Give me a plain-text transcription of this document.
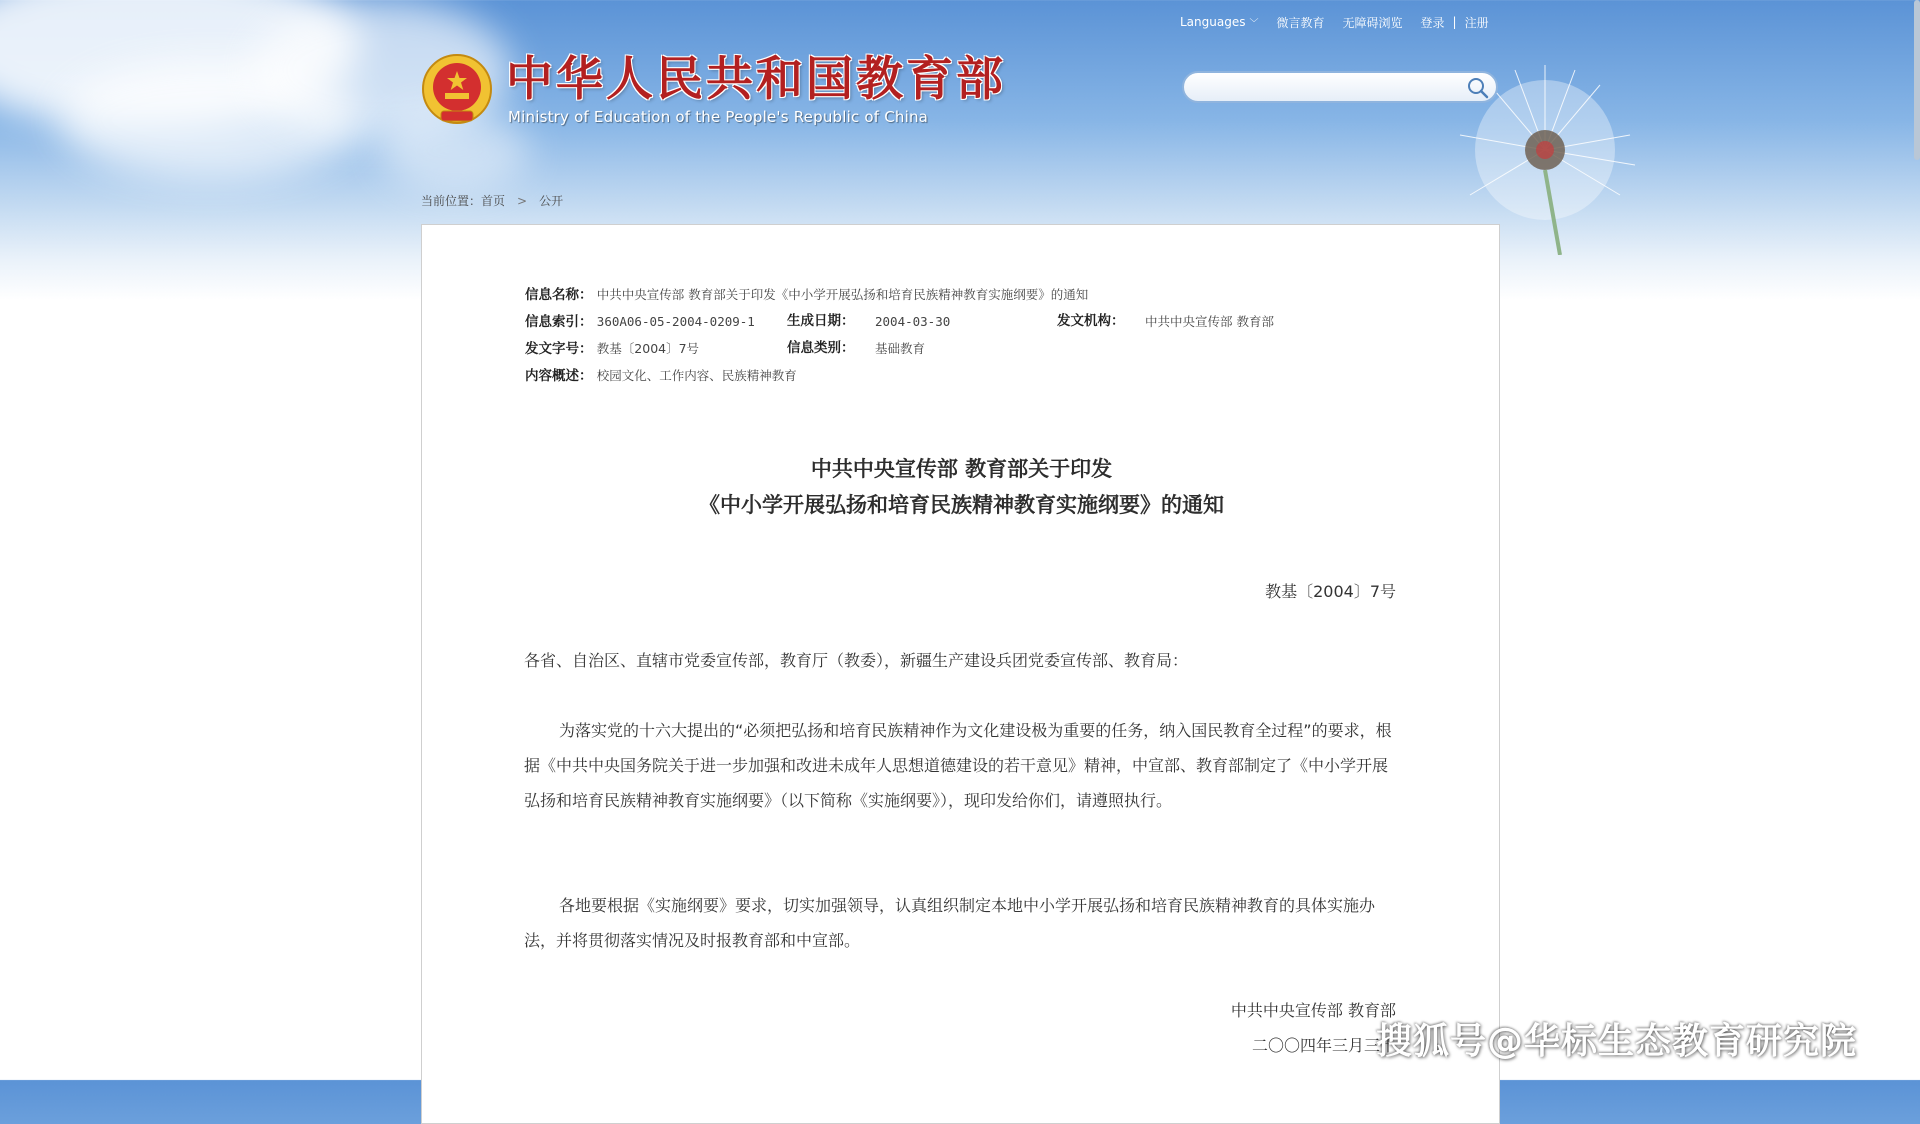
中华人民共和国教育部
Ministry of Education of the People's Republic of China
Languages ﹀ 微言教育 无障碍浏览 登录 | 注册
当前位置： 首页 > 公开
信息名称： 中共中央宣传部 教育部关于印发《中小学开展弘扬和培育民族精神教育实施纲要》的通知
信息索引： 360A06-05-2004-0209-1 生成日期： 2004-03-30	发文机构： 中共中央宣传部 教育部
发文字号： 教基〔2004〕7号	信息类别： 基础教育
内容概述： 校园文化、工作内容、民族精神教育
中共中央宣传部 教育部关于印发
《中小学开展弘扬和培育民族精神教育实施纲要》的通知
教基〔2004〕7号
各省、自治区、直辖市党委宣传部，教育厅（教委），新疆生产建设兵团党委宣传部、教育局：
为落实党的十六大提出的“必须把弘扬和培育民族精神作为文化建设极为重要的任务，纳入国民教育全过程”的要求，根据《中共中央国务院关于进一步加强和改进未成年人思想道德建设的若干意见》精神，中宣部、教育部制定了《中小学开展弘扬和培育民族精神教育实施纲要》（以下简称《实施纲要》），现印发给你们，请遵照执行。
各地要根据《实施纲要》要求，切实加强领导，认真组织制定本地中小学开展弘扬和培育民族精神教育的具体实施办法，并将贯彻落实情况及时报教育部和中宣部。
中共中央宣传部 教育部
二〇〇四年三月三十
搜狐号@华标生态教育研究院
